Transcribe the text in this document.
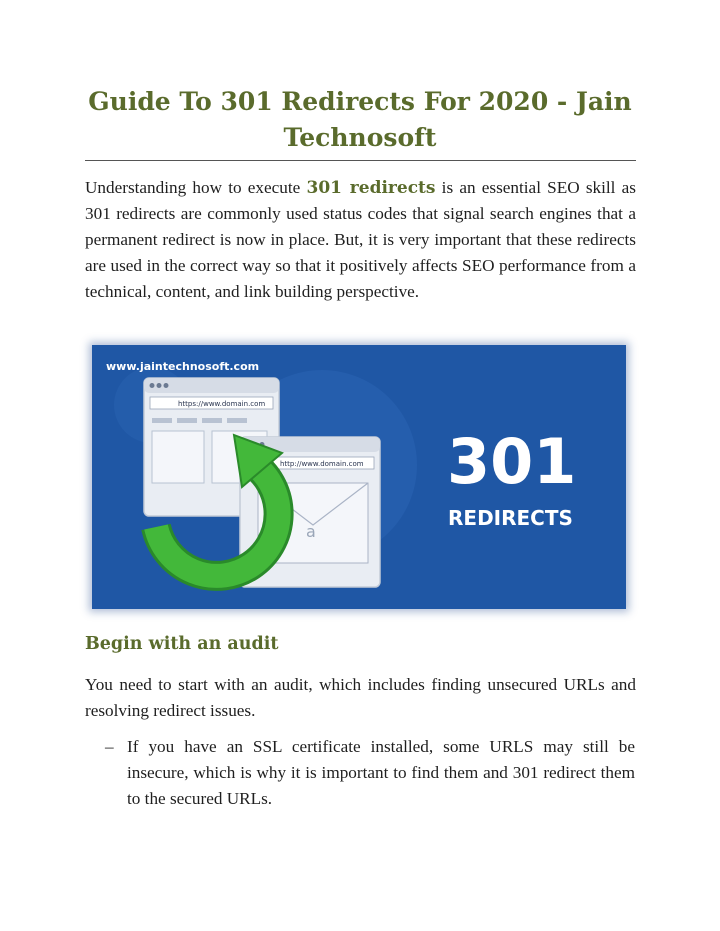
Guide To 301 Redirects For 2020 - Jain Technosoft

Understanding how to execute 301 redirects is an essential SEO skill as 301 redirects are commonly used status codes that signal search engines that a permanent redirect is now in place. But, it is very important that these redirects are used in the correct way so that it positively affects SEO performance from a technical, content, and link building perspective.

www.jaintechnosoft.com
https://www.domain.com
http://www.domain.com
a
301
REDIRECTS
Begin with an audit

You need to start with an audit, which includes finding unsecured URLs and resolving redirect issues.

– If you have an SSL certificate installed, some URLS may still be insecure, which is why it is important to find them and 301 redirect them to the secured URLs.
